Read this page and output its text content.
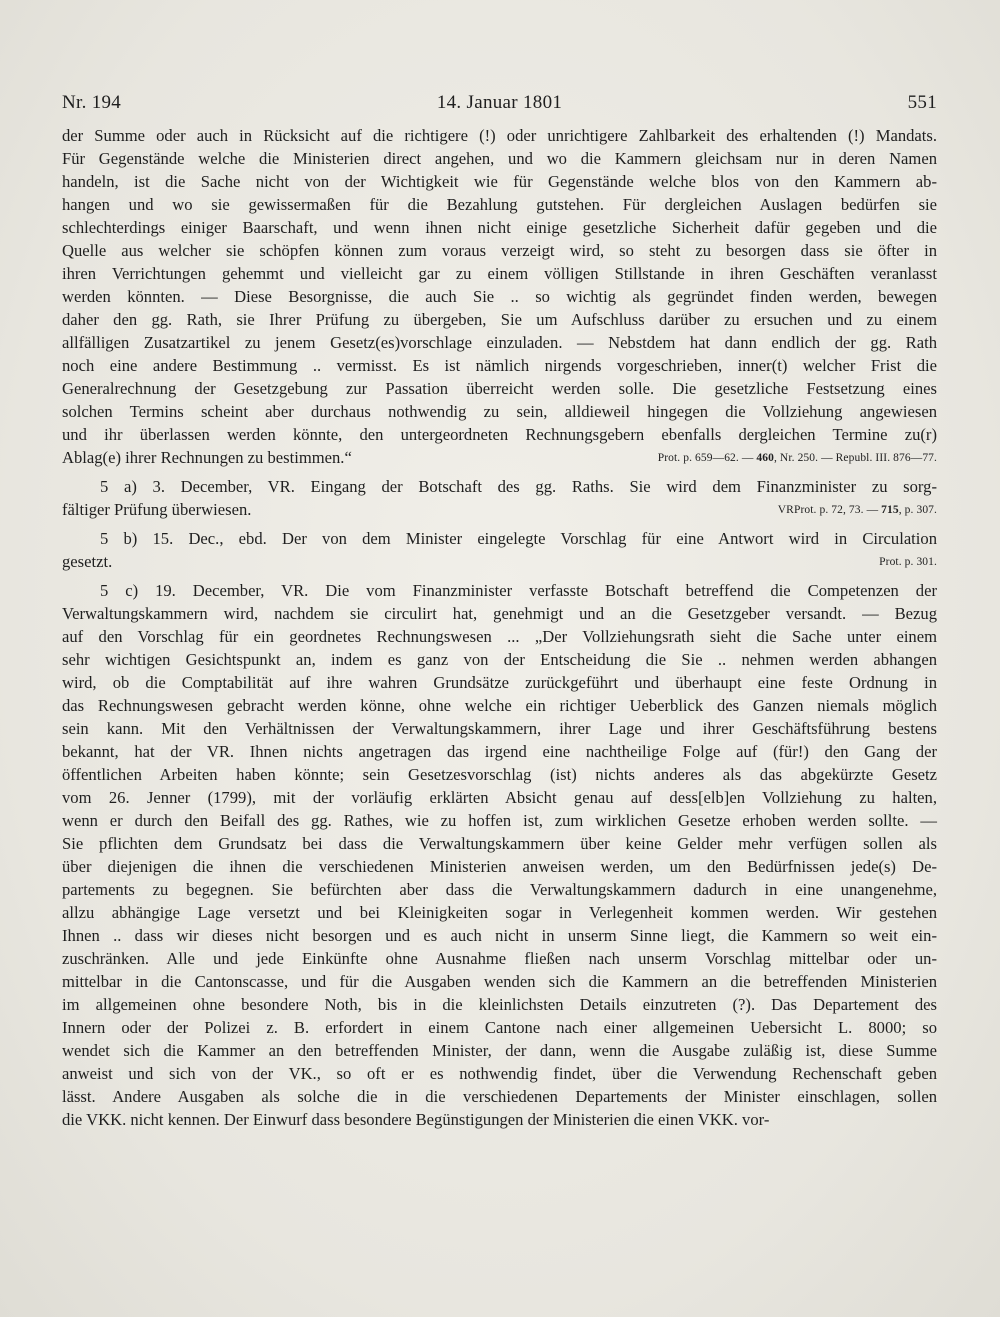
Nr. 194	14. Januar 1801	551
der Summe oder auch in Rücksicht auf die richtigere (!) oder unrichtigere Zahlbarkeit des erhaltenden (!) Mandats.
Für Gegenstände welche die Ministerien direct angehen, und wo die Kammern gleichsam nur in deren Namen
handeln, ist die Sache nicht von der Wichtigkeit wie für Gegenstände welche blos von den Kammern ab-
hangen und wo sie gewissermaßen für die Bezahlung gutstehen. Für dergleichen Auslagen bedürfen sie
schlechterdings einiger Baarschaft, und wenn ihnen nicht einige gesetzliche Sicherheit dafür gegeben und die
Quelle aus welcher sie schöpfen können zum voraus verzeigt wird, so steht zu besorgen dass sie öfter in
ihren Verrichtungen gehemmt und vielleicht gar zu einem völligen Stillstande in ihren Geschäften veranlasst
werden könnten. — Diese Besorgnisse, die auch Sie .. so wichtig als gegründet finden werden, bewegen
daher den gg. Rath, sie Ihrer Prüfung zu übergeben, Sie um Aufschluss darüber zu ersuchen und zu einem
allfälligen Zusatzartikel zu jenem Gesetz(es)vorschlage einzuladen. — Nebstdem hat dann endlich der gg. Rath
noch eine andere Bestimmung .. vermisst. Es ist nämlich nirgends vorgeschrieben, inner(t) welcher Frist die
Generalrechnung der Gesetzgebung zur Passation überreicht werden solle. Die gesetzliche Festsetzung eines
solchen Termins scheint aber durchaus nothwendig zu sein, alldieweil hingegen die Vollziehung angewiesen
und ihr überlassen werden könnte, den untergeordneten Rechnungsgebern ebenfalls dergleichen Termine zu(r)
Ablag(e) ihrer Rechnungen zu bestimmen.“	Prot. p. 659—62. — 460, Nr. 250. — Republ. III. 876—77.
5 a) 3. December, VR. Eingang der Botschaft des gg. Raths. Sie wird dem Finanzminister zu sorg-
fältiger Prüfung überwiesen.	VRProt. p. 72, 73. — 715, p. 307.
5 b) 15. Dec., ebd. Der von dem Minister eingelegte Vorschlag für eine Antwort wird in Circulation
gesetzt.	Prot. p. 301.
5 c) 19. December, VR. Die vom Finanzminister verfasste Botschaft betreffend die Competenzen der
Verwaltungskammern wird, nachdem sie circulirt hat, genehmigt und an die Gesetzgeber versandt. — Bezug
auf den Vorschlag für ein geordnetes Rechnungswesen ... „Der Vollziehungsrath sieht die Sache unter einem
sehr wichtigen Gesichtspunkt an, indem es ganz von der Entscheidung die Sie .. nehmen werden abhangen
wird, ob die Comptabilität auf ihre wahren Grundsätze zurückgeführt und überhaupt eine feste Ordnung in
das Rechnungswesen gebracht werden könne, ohne welche ein richtiger Ueberblick des Ganzen niemals möglich
sein kann. Mit den Verhältnissen der Verwaltungskammern, ihrer Lage und ihrer Geschäftsführung bestens
bekannt, hat der VR. Ihnen nichts angetragen das irgend eine nachtheilige Folge auf (für!) den Gang der
öffentlichen Arbeiten haben könnte; sein Gesetzesvorschlag (ist) nichts anderes als das abgekürzte Gesetz
vom 26. Jenner (1799), mit der vorläufig erklärten Absicht genau auf dess[elb]en Vollziehung zu halten,
wenn er durch den Beifall des gg. Rathes, wie zu hoffen ist, zum wirklichen Gesetze erhoben werden sollte. —
Sie pflichten dem Grundsatz bei dass die Verwaltungskammern über keine Gelder mehr verfügen sollen als
über diejenigen die ihnen die verschiedenen Ministerien anweisen werden, um den Bedürfnissen jede(s) De-
partements zu begegnen. Sie befürchten aber dass die Verwaltungskammern dadurch in eine unangenehme,
allzu abhängige Lage versetzt und bei Kleinigkeiten sogar in Verlegenheit kommen werden. Wir gestehen
Ihnen .. dass wir dieses nicht besorgen und es auch nicht in unserm Sinne liegt, die Kammern so weit ein-
zuschränken. Alle und jede Einkünfte ohne Ausnahme fließen nach unserm Vorschlag mittelbar oder un-
mittelbar in die Cantonscasse, und für die Ausgaben wenden sich die Kammern an die betreffenden Ministerien
im allgemeinen ohne besondere Noth, bis in die kleinlichsten Details einzutreten (?). Das Departement des
Innern oder der Polizei z. B. erfordert in einem Cantone nach einer allgemeinen Uebersicht L. 8000; so
wendet sich die Kammer an den betreffenden Minister, der dann, wenn die Ausgabe zuläßig ist, diese Summe
anweist und sich von der VK., so oft er es nothwendig findet, über die Verwendung Rechenschaft geben
lässt. Andere Ausgaben als solche die in die verschiedenen Departements der Minister einschlagen, sollen
die VKK. nicht kennen. Der Einwurf dass besondere Begünstigungen der Ministerien die einen VKK. vor-
